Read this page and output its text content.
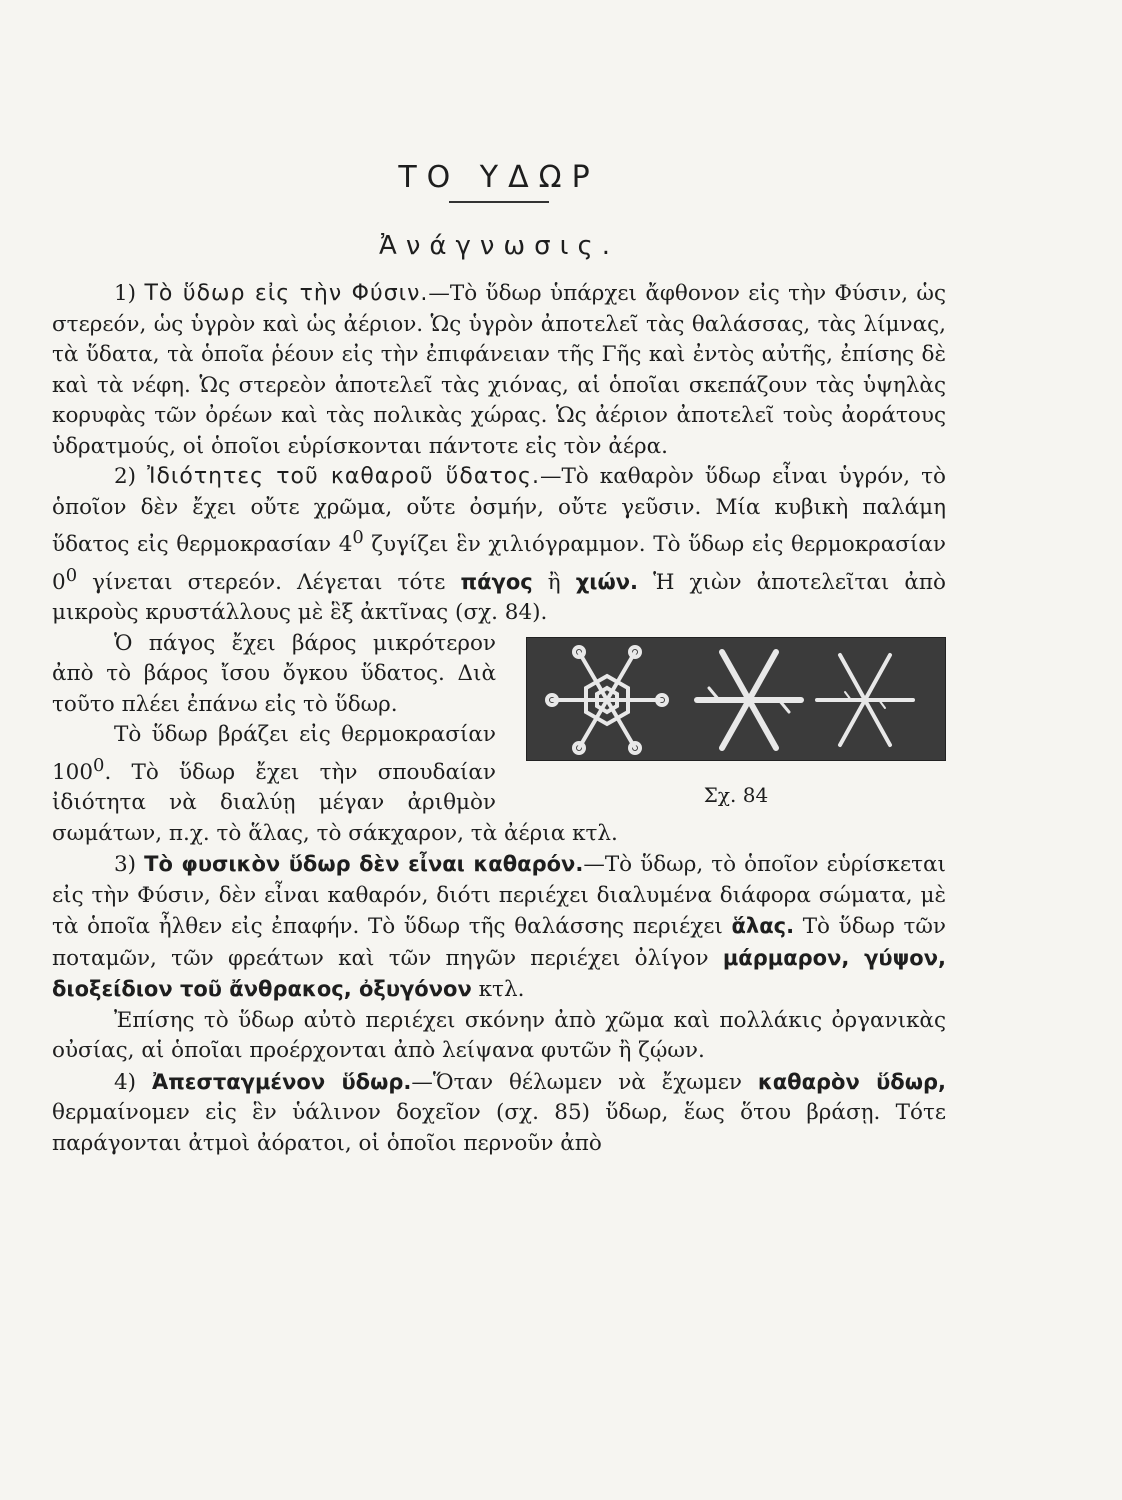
ΤΟ ΥΔΩΡ
Ἀνάγνωσις.

1) Τὸ ὕδωρ εἰς τὴν Φύσιν.—Τὸ ὕδωρ ὑπάρχει ἄφθονον εἰς τὴν Φύσιν, ὡς στερεόν, ὡς ὑγρὸν καὶ ὡς ἀέριον. Ὡς ὑγρὸν ἀποτελεῖ τὰς θαλάσσας, τὰς λίμνας, τὰ ὕδατα, τὰ ὁποῖα ῥέουν εἰς τὴν ἐπιφάνειαν τῆς Γῆς καὶ ἐντὸς αὐτῆς, ἐπίσης δὲ καὶ τὰ νέφη. Ὡς στερεὸν ἀποτελεῖ τὰς χιόνας, αἱ ὁποῖαι σκεπάζουν τὰς ὑψηλὰς κορυφὰς τῶν ὀρέων καὶ τὰς πολικὰς χώρας. Ὡς ἀέριον ἀποτελεῖ τοὺς ἀοράτους ὑδρατμούς, οἱ ὁποῖοι εὑρίσκονται πάντοτε εἰς τὸν ἀέρα.

2) Ἰδιότητες τοῦ καθαροῦ ὕδατος.—Τὸ καθαρὸν ὕδωρ εἶναι ὑγρόν, τὸ ὁποῖον δὲν ἔχει οὔτε χρῶμα, οὔτε ὀσμήν, οὔτε γεῦσιν. Μία κυβικὴ παλάμη ὕδατος εἰς θερμοκρασίαν $4^0$ ζυγίζει ἓν χιλιόγραμμον. Τὸ ὕδωρ εἰς θερμοκρασίαν $0^0$ γίνεται στερεόν. Λέγεται τότε πάγος ἢ χιών. Ἡ χιὼν ἀποτελεῖται ἀπὸ μικροὺς κρυστάλλους μὲ ἓξ ἀκτῖνας (σχ. 84).

Σχ. 84

Ὁ πάγος ἔχει βάρος μικρότερον ἀπὸ τὸ βάρος ἴσου ὄγκου ὕδατος. Διὰ τοῦτο πλέει ἐπάνω εἰς τὸ ὕδωρ.

Τὸ ὕδωρ βράζει εἰς θερμοκρασίαν $100^0$. Τὸ ὕδωρ ἔχει τὴν σπουδαίαν ἰδιότητα νὰ διαλύῃ μέγαν ἀριθμὸν σωμάτων, π.χ. τὸ ἅλας, τὸ σάκχαρον, τὰ ἀέρια κτλ.

3) Τὸ φυσικὸν ὕδωρ δὲν εἶναι καθαρόν.—Τὸ ὕδωρ, τὸ ὁποῖον εὑρίσκεται εἰς τὴν Φύσιν, δὲν εἶναι καθαρόν, διότι περιέχει διαλυμένα διάφορα σώματα, μὲ τὰ ὁποῖα ἦλθεν εἰς ἐπαφήν. Τὸ ὕδωρ τῆς θαλάσσης περιέχει ἅλας. Τὸ ὕδωρ τῶν ποταμῶν, τῶν φρεάτων καὶ τῶν πηγῶν περιέχει ὀλίγον μάρμαρον, γύψον, διοξείδιον τοῦ ἄνθρακος, ὀξυγόνον κτλ.

Ἐπίσης τὸ ὕδωρ αὐτὸ περιέχει σκόνην ἀπὸ χῶμα καὶ πολλάκις ὀργανικὰς οὐσίας, αἱ ὁποῖαι προέρχονται ἀπὸ λείψανα φυτῶν ἢ ζῴων.

4) Ἀπεσταγμένον ὕδωρ.—Ὅταν θέλωμεν νὰ ἔχωμεν καθαρὸν ὕδωρ, θερμαίνομεν εἰς ἓν ὑάλινον δοχεῖον (σχ. 85) ὕδωρ, ἕως ὅτου βράσῃ. Τότε παράγονται ἀτμοὶ ἀόρατοι, οἱ ὁποῖοι περνοῦν ἀπὸ
